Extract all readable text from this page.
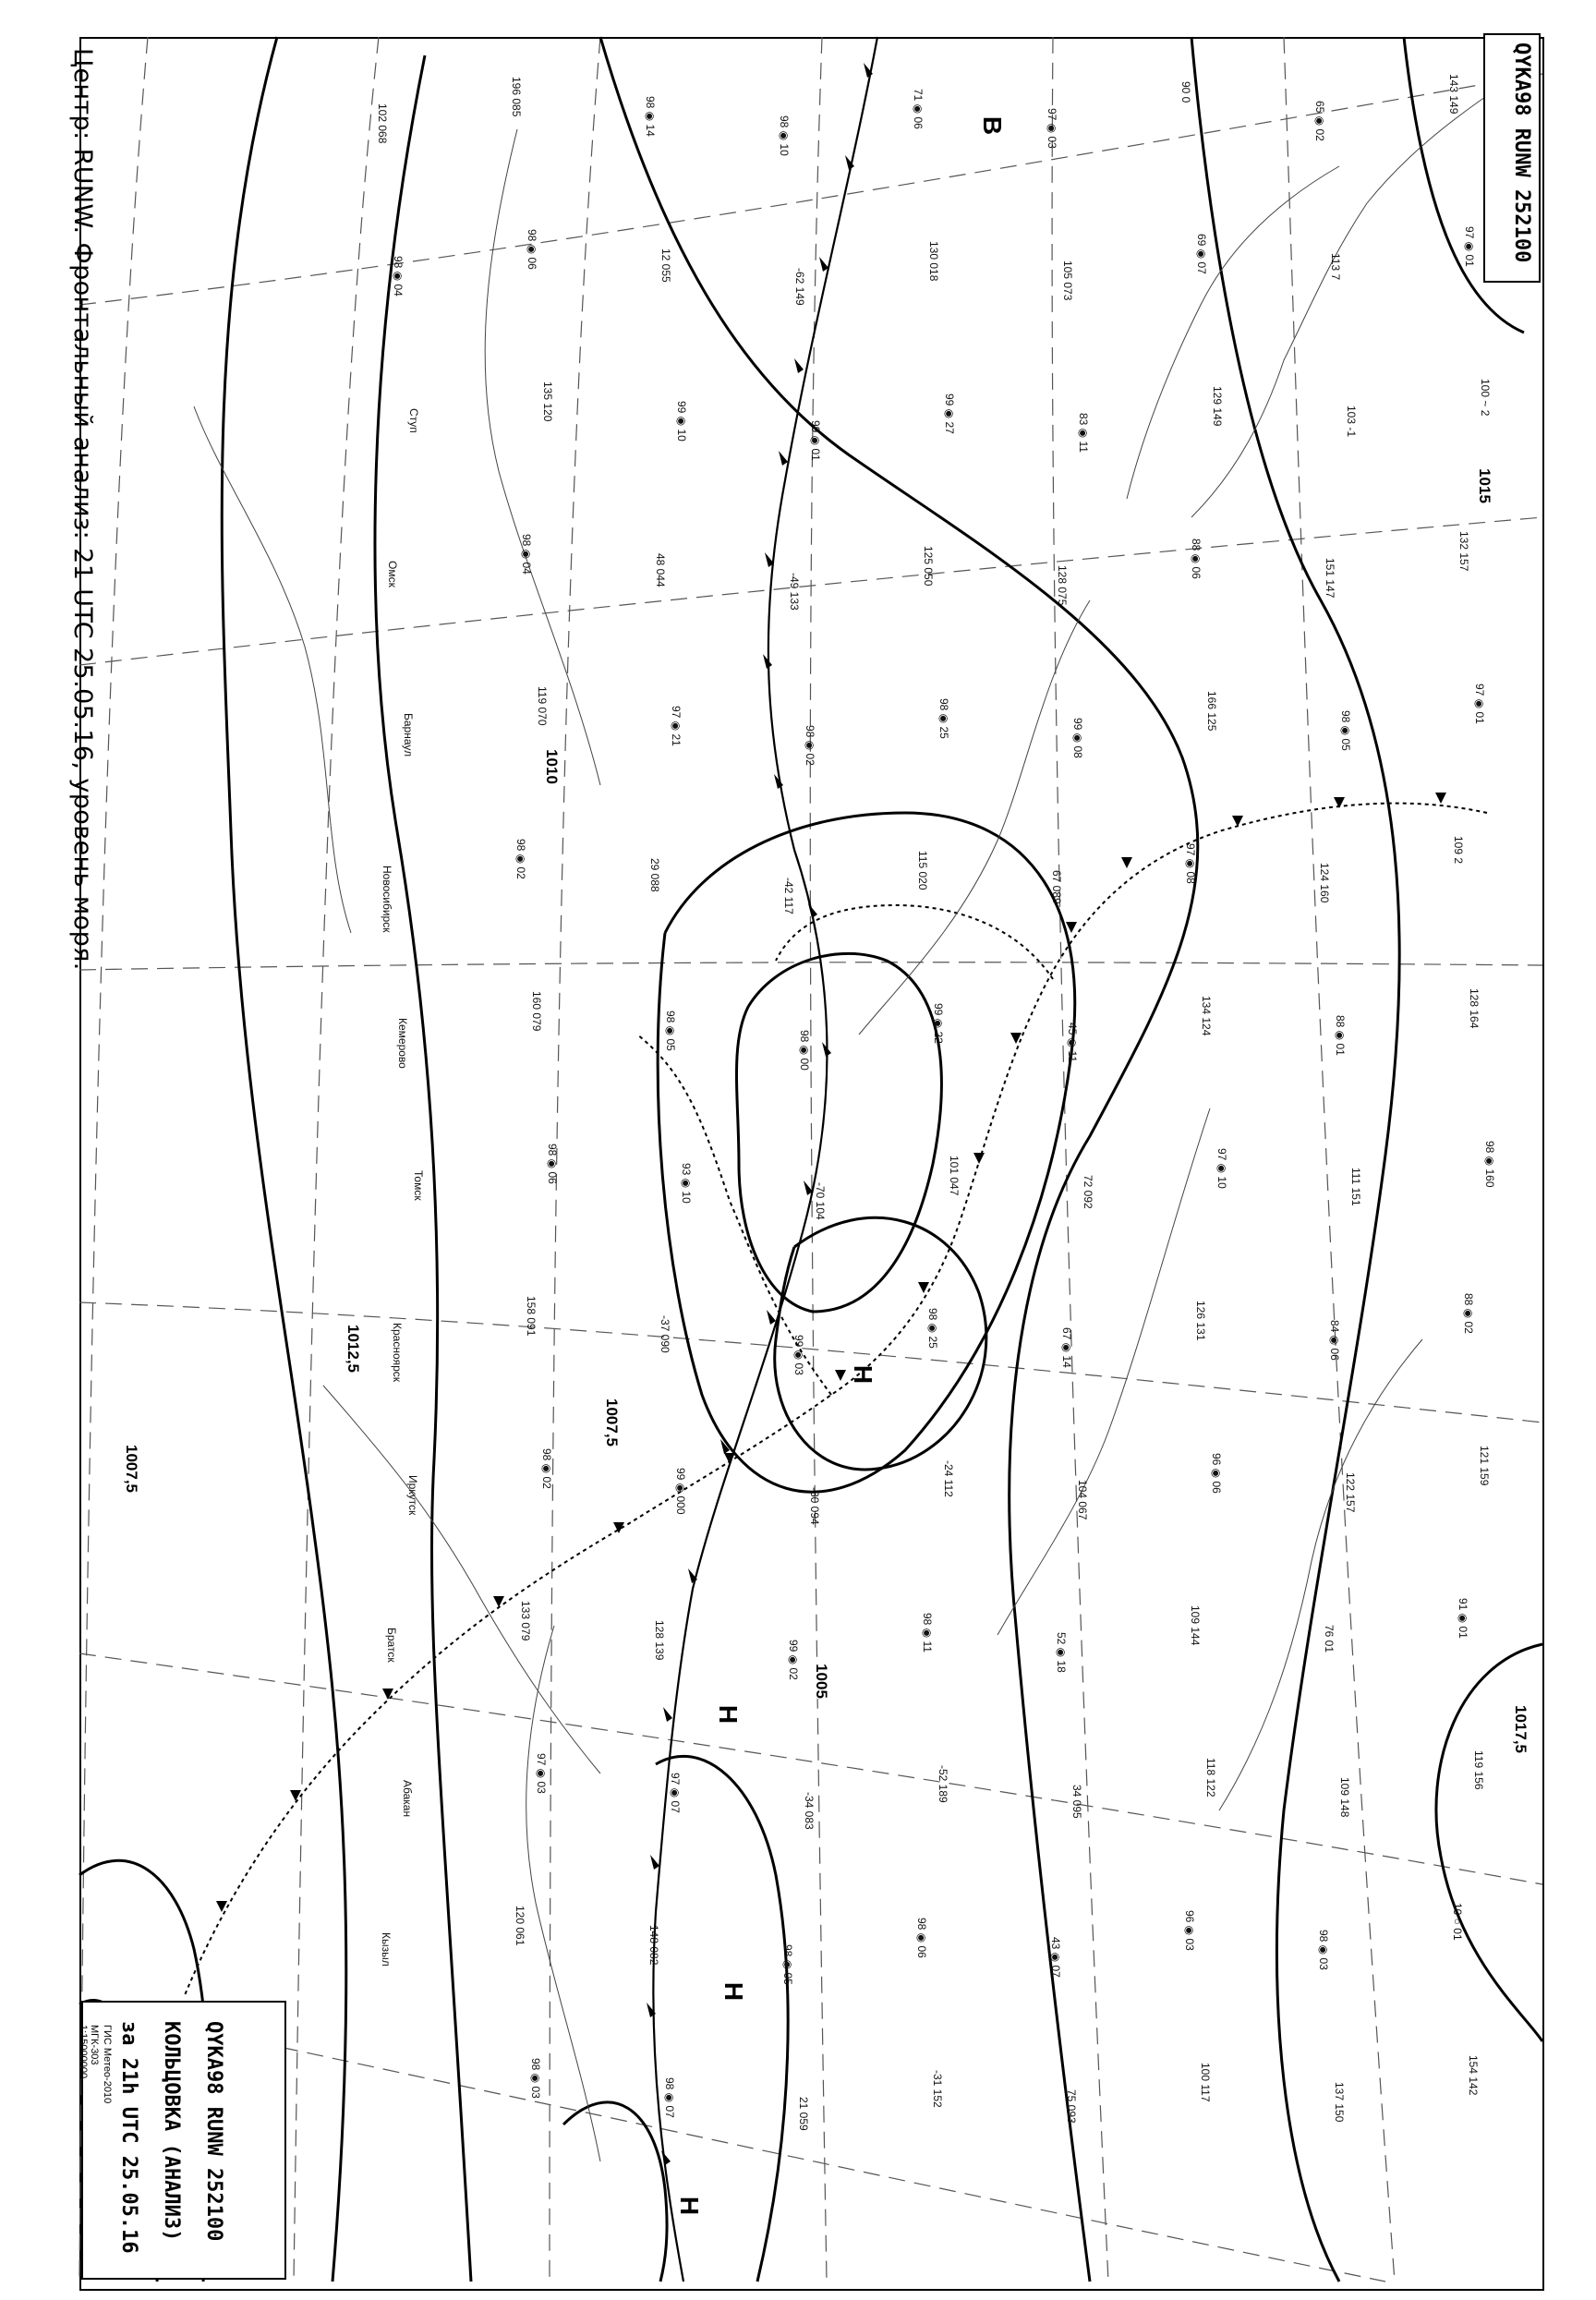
143 149
97 ◉ 01
100 ~ 2
132 157
97 ◉ 01
109 2
128 164
98 ◉ 160
88 ◉ 02
121 159
91 ◉ 01
119 156
10 ○ 01
154 142
65 ◉ 02
113 7
103 -1
151 147
98 ◉ 05
124 160
88 ◉ 01
111 151
84 ◉ 06
122 157
76 01
109 148
98 ◉ 03
137 150
90 0
69 ◉ 07
129 149
88 ◉ 06
166 125
97 ◉ 08
134 124
97 ◉ 10
126 131
96 ◉ 06
109 144
118 122
96 ◉ 03
100 117
97 ◉ 03
105 073
83 ◉ 11
128 075
99 ◉ 08
67 089
45 ◉ 11
72 092
67 ◉ 14
104 067
52 ◉ 18
34 095
43 ◉ 07
75 093
71 ◉ 06
130 018
99 ◉ 27
125 050
98 ◉ 25
115 020
99 ◉ 22
101 047
98 ◉ 25
-24 112
98 ◉ 11
-52 189
98 ◉ 06
-31 152
98 ◉ 10
-62 149
99 ◉ 01
-49 133
98 ◉ 02
-42 117
98 ◉ 00
-70 104
99 ◉ 03
-30 094
99 ◉ 02
-34 083
98 ◉ 05
21 059
98 ◉ 14
12 055
99 ◉ 10
48 044
97 ◉ 21
29 088
98 ◉ 05
93 ◉ 10
-37 090
99 ◉ 000
128 139
97 ◉ 07
148 082
98 ◉ 07
196 085
98 ◉ 06
135 120
98 ◉ 04
119 070
98 ◉ 02
160 079
98 ◉ 06
158 091
98 ◉ 02
133 079
97 ◉ 03
120 061
98 ◉ 03
102 068
98 ◉ 04
Ступ
Омск
Барнаул
Новосибирск
Кемерово
Томск
Красноярск
Иркутск
Братск
Абакан
Кызыл
Центр: RUNW. Фронтальный анализ: 21 UTC 25.05.16, уровень моря.	QYKA98 RUNW 252100
QYKA98 RUNW 252100
КОЛЬЦОВКА (АНАЛИЗ)
за 21h UTC 25.05.16
ГИС Метео-2010
МГК-303
1:15000000
Н
Н
Н
Н
В
1015
1010
1007,5
1012,5
1007,5
1005
1017,5
